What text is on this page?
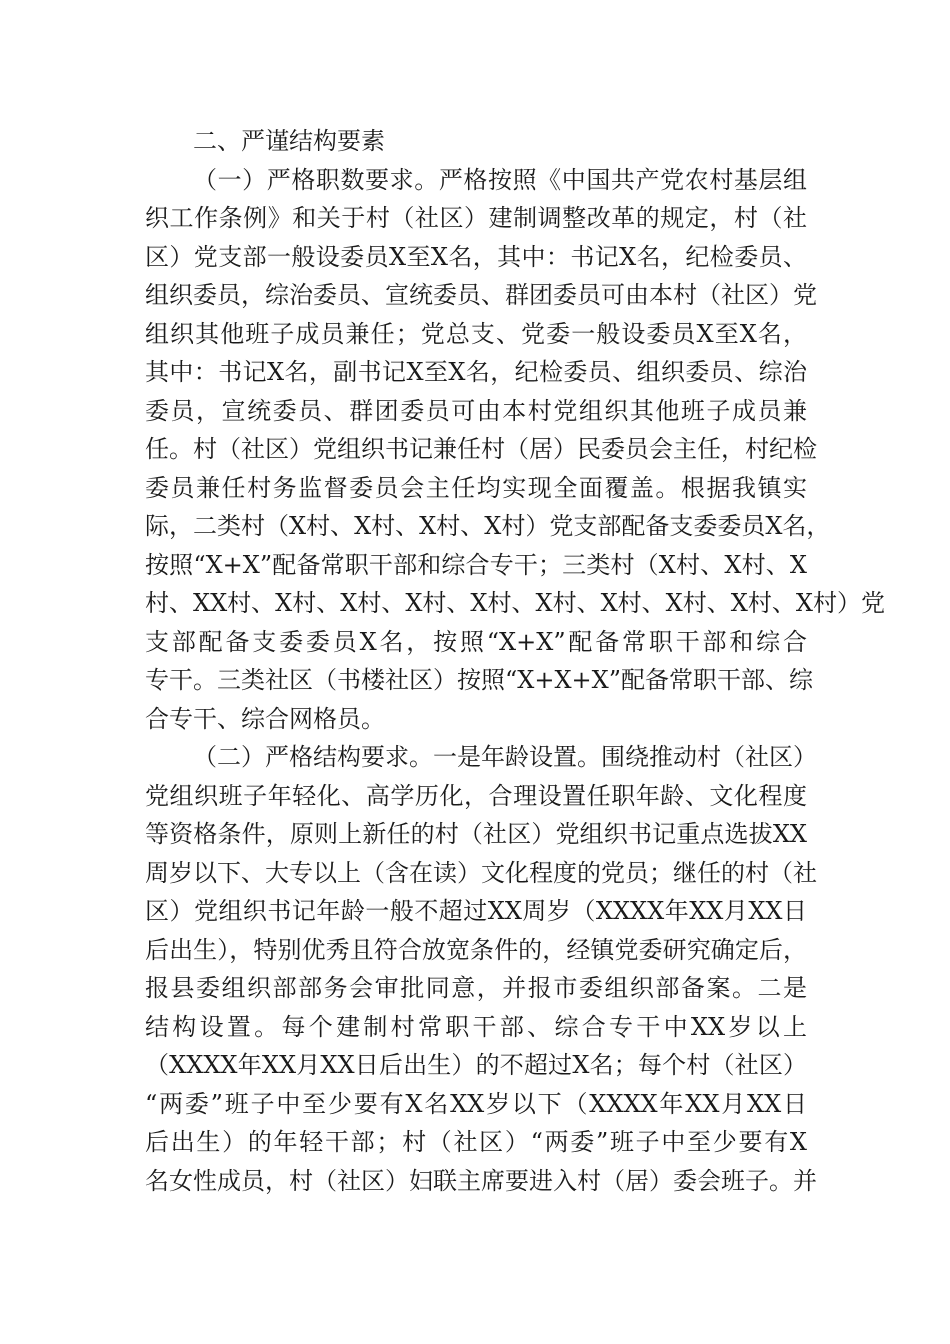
二、严谨结构要素
（一）严格职数要求。严格按照《中国共产党农村基层组
织工作条例》和关于村（社区）建制调整改革的规定，村（社
区）党支部一般设委员X至X名，其中：书记X名，纪检委员、
组织委员，综治委员、宣统委员、群团委员可由本村（社区）党
组织其他班子成员兼任；党总支、党委一般设委员X至X名，
其中：书记X名，副书记X至X名，纪检委员、组织委员、综治
委员，宣统委员、群团委员可由本村党组织其他班子成员兼
任。村（社区）党组织书记兼任村（居）民委员会主任，村纪检
委员兼任村务监督委员会主任均实现全面覆盖。根据我镇实
际，二类村（X村、X村、X村、X村）党支部配备支委委员X名，
按照“X+X”配备常职干部和综合专干；三类村（X村、X村、X
村、XX村、X村、X村、X村、X村、X村、X村、X村、X村、X村）党
支部配备支委委员X名，按照“X+X”配备常职干部和综合
专干。三类社区（书楼社区）按照“X+X+X”配备常职干部、综
合专干、综合网格员。
（二）严格结构要求。一是年龄设置。围绕推动村（社区）
党组织班子年轻化、高学历化，合理设置任职年龄、文化程度
等资格条件，原则上新任的村（社区）党组织书记重点选拔XX
周岁以下、大专以上（含在读）文化程度的党员；继任的村（社
区）党组织书记年龄一般不超过XX周岁（XXXX年XX月XX日
后出生），特别优秀且符合放宽条件的，经镇党委研究确定后，
报县委组织部部务会审批同意，并报市委组织部备案。二是
结构设置。每个建制村常职干部、综合专干中XX岁以上
（XXXX年XX月XX日后出生）的不超过X名；每个村（社区）
“两委”班子中至少要有X名XX岁以下（XXXX年XX月XX日
后出生）的年轻干部；村（社区）“两委”班子中至少要有X
名女性成员，村（社区）妇联主席要进入村（居）委会班子。并
